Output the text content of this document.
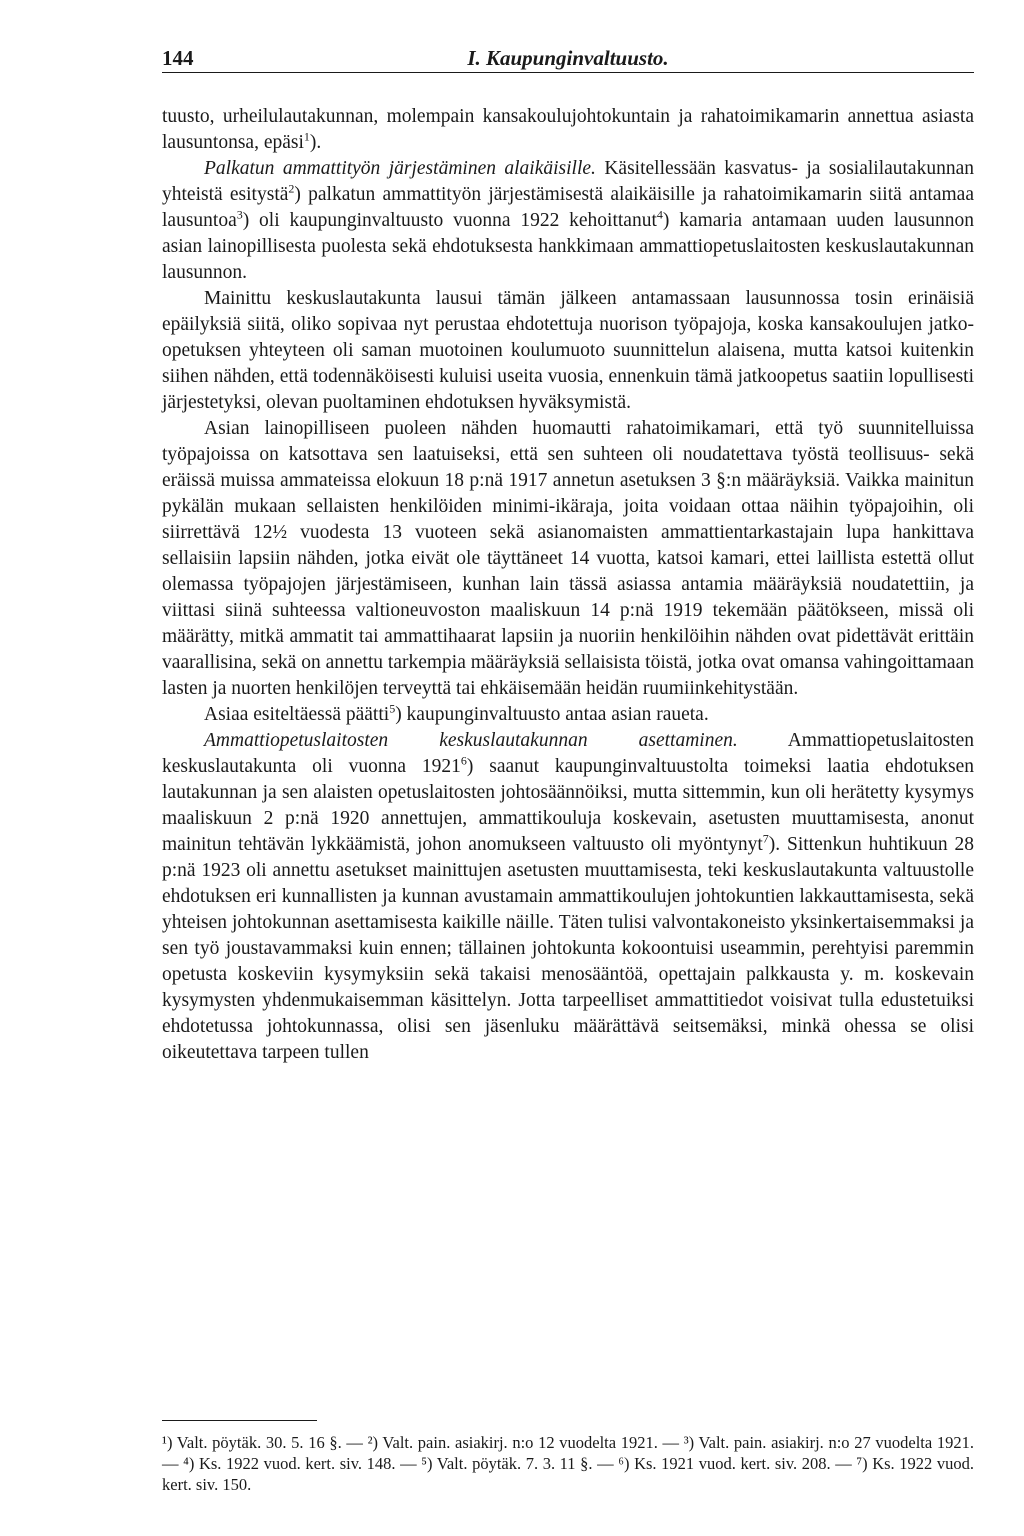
144	I. Kaupunginvaltuusto.

tuusto, urheilulautakunnan, molempain kansakoulujohtokuntain ja rahatoimikamarin annettua asiasta lausuntonsa, epäsi$^1$).

Palkatun ammattityön järjestäminen alaikäisille. Käsitellessään kasvatus- ja sosialilautakunnan yhteistä esitystä$^2$) palkatun ammattityön järjestämisestä alaikäisille ja rahatoimikamarin siitä antamaa lausuntoa$^3$) oli kaupunginvaltuusto vuonna 1922 kehoittanut$^4$) kamaria antamaan uuden lausunnon asian lainopillisesta puolesta sekä ehdotuksesta hankkimaan ammattiopetuslaitosten keskuslautakunnan lausunnon.

Mainittu keskuslautakunta lausui tämän jälkeen antamassaan lausunnossa tosin erinäisiä epäilyksiä siitä, oliko sopivaa nyt perustaa ehdotettuja nuorison työpajoja, koska kansakoulujen jatko-opetuksen yhteyteen oli saman muotoinen koulumuoto suunnittelun alaisena, mutta katsoi kuitenkin siihen nähden, että todennäköisesti kuluisi useita vuosia, ennenkuin tämä jatkoopetus saatiin lopullisesti järjestetyksi, olevan puoltaminen ehdotuksen hyväksymistä.

Asian lainopilliseen puoleen nähden huomautti rahatoimikamari, että työ suunnitelluissa työpajoissa on katsottava sen laatuiseksi, että sen suhteen oli noudatettava työstä teollisuus- sekä eräissä muissa ammateissa elokuun 18 p:nä 1917 annetun asetuksen 3 §:n määräyksiä. Vaikka mainitun pykälän mukaan sellaisten henkilöiden minimi-ikäraja, joita voidaan ottaa näihin työpajoihin, oli siirrettävä 12½ vuodesta 13 vuoteen sekä asianomaisten ammattientarkastajain lupa hankittava sellaisiin lapsiin nähden, jotka eivät ole täyttäneet 14 vuotta, katsoi kamari, ettei laillista estettä ollut olemassa työpajojen järjestämiseen, kunhan lain tässä asiassa antamia määräyksiä noudatettiin, ja viittasi siinä suhteessa valtioneuvoston maaliskuun 14 p:nä 1919 tekemään päätökseen, missä oli määrätty, mitkä ammatit tai ammattihaarat lapsiin ja nuoriin henkilöihin nähden ovat pidettävät erittäin vaarallisina, sekä on annettu tarkempia määräyksiä sellaisista töistä, jotka ovat omansa vahingoittamaan lasten ja nuorten henkilöjen terveyttä tai ehkäisemään heidän ruumiinkehitystään.

Asiaa esiteltäessä päätti$^5$) kaupunginvaltuusto antaa asian raueta.

Ammattiopetuslaitosten keskuslautakunnan asettaminen. Ammattiopetuslaitosten keskuslautakunta oli vuonna 1921$^6$) saanut kaupunginvaltuustolta toimeksi laatia ehdotuksen lautakunnan ja sen alaisten opetuslaitosten johtosäännöiksi, mutta sittemmin, kun oli herätetty kysymys maaliskuun 2 p:nä 1920 annettujen, ammattikouluja koskevain, asetusten muuttamisesta, anonut mainitun tehtävän lykkäämistä, johon anomukseen valtuusto oli myöntynyt$^7$). Sittenkun huhtikuun 28 p:nä 1923 oli annettu asetukset mainittujen asetusten muuttamisesta, teki keskuslautakunta valtuustolle ehdotuksen eri kunnallisten ja kunnan avustamain ammattikoulujen johtokuntien lakkauttamisesta, sekä yhteisen johtokunnan asettamisesta kaikille näille. Täten tulisi valvontakoneisto yksinkertaisemmaksi ja sen työ joustavammaksi kuin ennen; tällainen johtokunta kokoontuisi useammin, perehtyisi paremmin opetusta koskeviin kysymyksiin sekä takaisi menosääntöä, opettajain palkkausta y. m. koskevain kysymysten yhdenmukaisemman käsittelyn. Jotta tarpeelliset ammattitiedot voisivat tulla edustetuiksi ehdotetussa johtokunnassa, olisi sen jäsenluku määrättävä seitsemäksi, minkä ohessa se olisi oikeutettava tarpeen tullen

¹) Valt. pöytäk. 30. 5. 16 §. — ²) Valt. pain. asiakirj. n:o 12 vuodelta 1921. — ³) Valt. pain. asiakirj. n:o 27 vuodelta 1921. — ⁴) Ks. 1922 vuod. kert. siv. 148. — ⁵) Valt. pöytäk. 7. 3. 11 §. — ⁶) Ks. 1921 vuod. kert. siv. 208. — ⁷) Ks. 1922 vuod. kert. siv. 150.
